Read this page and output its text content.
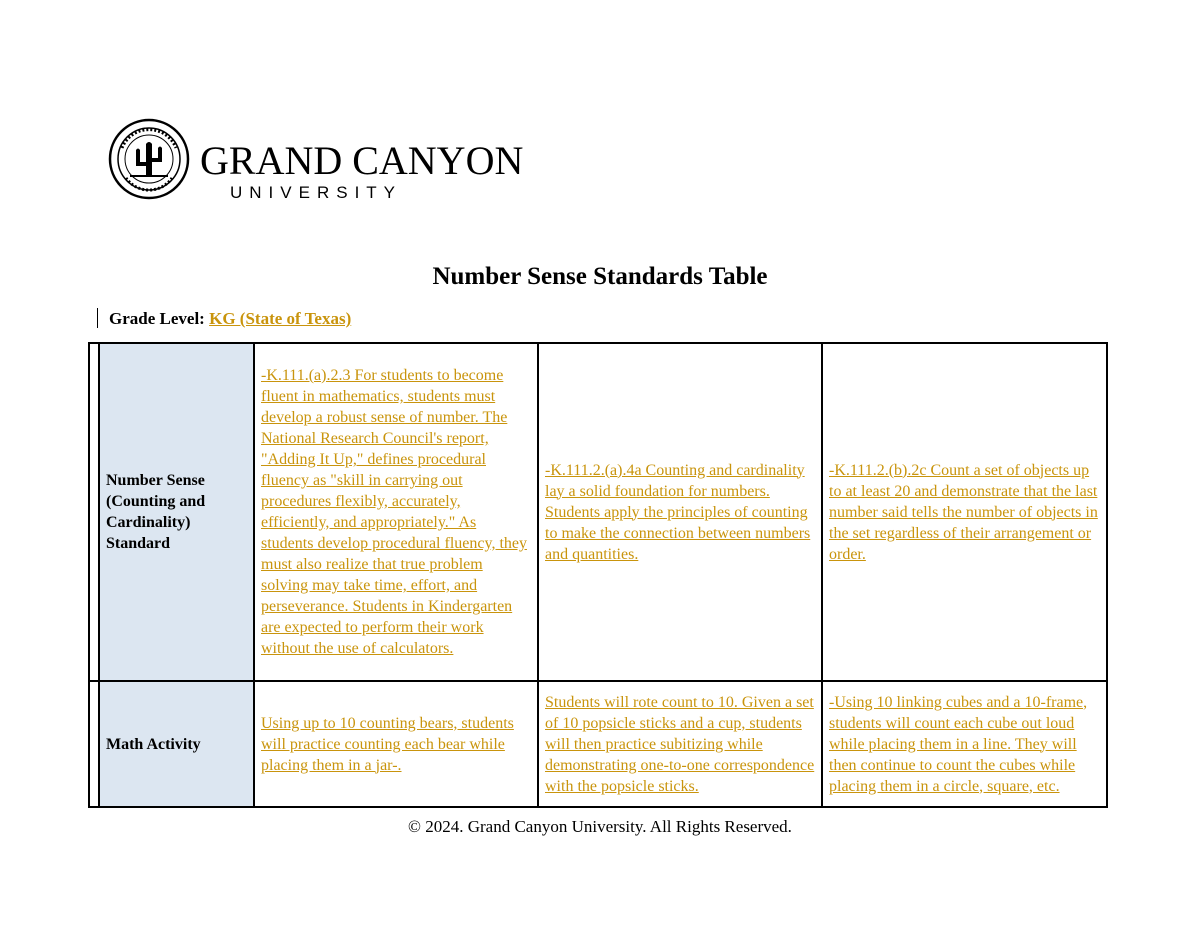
GRAND CANYON
UNIVERSITY
Number Sense Standards Table
Grade Level: KG (State of Texas)
	Number Sense (Counting and Cardinality) Standard	-K.111.(a).2.3 For students to become fluent in mathematics, students must develop a robust sense of number. The National Research Council's report, "Adding It Up," defines procedural fluency as "skill in carrying out procedures flexibly, accurately, efficiently, and appropriately." As students develop procedural fluency, they must also realize that true problem solving may take time, effort, and perseverance. Students in Kindergarten are expected to perform their work without the use of calculators.	-K.111.2.(a).4a Counting and cardinality lay a solid foundation for numbers. Students apply the principles of counting to make the connection between numbers and quantities.	-K.111.2.(b).2c Count a set of objects up to at least 20 and demonstrate that the last number said tells the number of objects in the set regardless of their arrangement or order.
	Math Activity	Using up to 10 counting bears, students will practice counting each bear while placing them in a jar-.	Students will rote count to 10. Given a set of 10 popsicle sticks and a cup, students will then practice subitizing while demonstrating one-to-one correspondence with the popsicle sticks.	-Using 10 linking cubes and a 10-frame, students will count each cube out loud while placing them in a line. They will then continue to count the cubes while placing them in a circle, square, etc.
© 2024. Grand Canyon University. All Rights Reserved.
